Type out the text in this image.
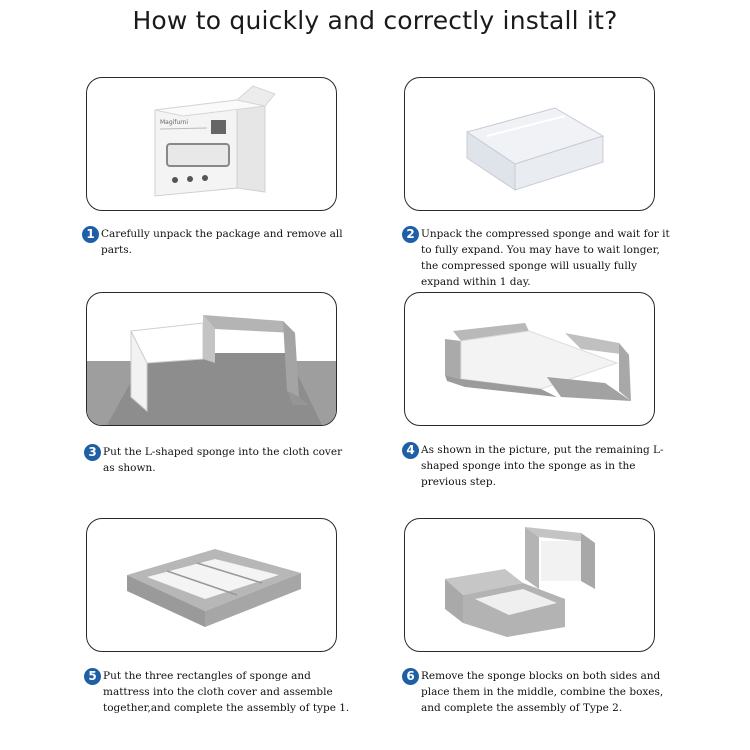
How to quickly and correctly install it?
Magifurni
1 Carefully unpack the package and remove all parts.
2 Unpack the compressed sponge and wait for it to fully expand. You may have to wait longer, the compressed sponge will usually fully expand within 1 day.
3 Put the L-shaped sponge into the cloth cover as shown.
4 As shown in the picture, put the remaining L-shaped sponge into the sponge as in the previous step.
5 Put the three rectangles of sponge and mattress into the cloth cover and assemble together,and complete the assembly of type 1.
6 Remove the sponge blocks on both sides and place them in the middle, combine the boxes, and complete the assembly of Type 2.
